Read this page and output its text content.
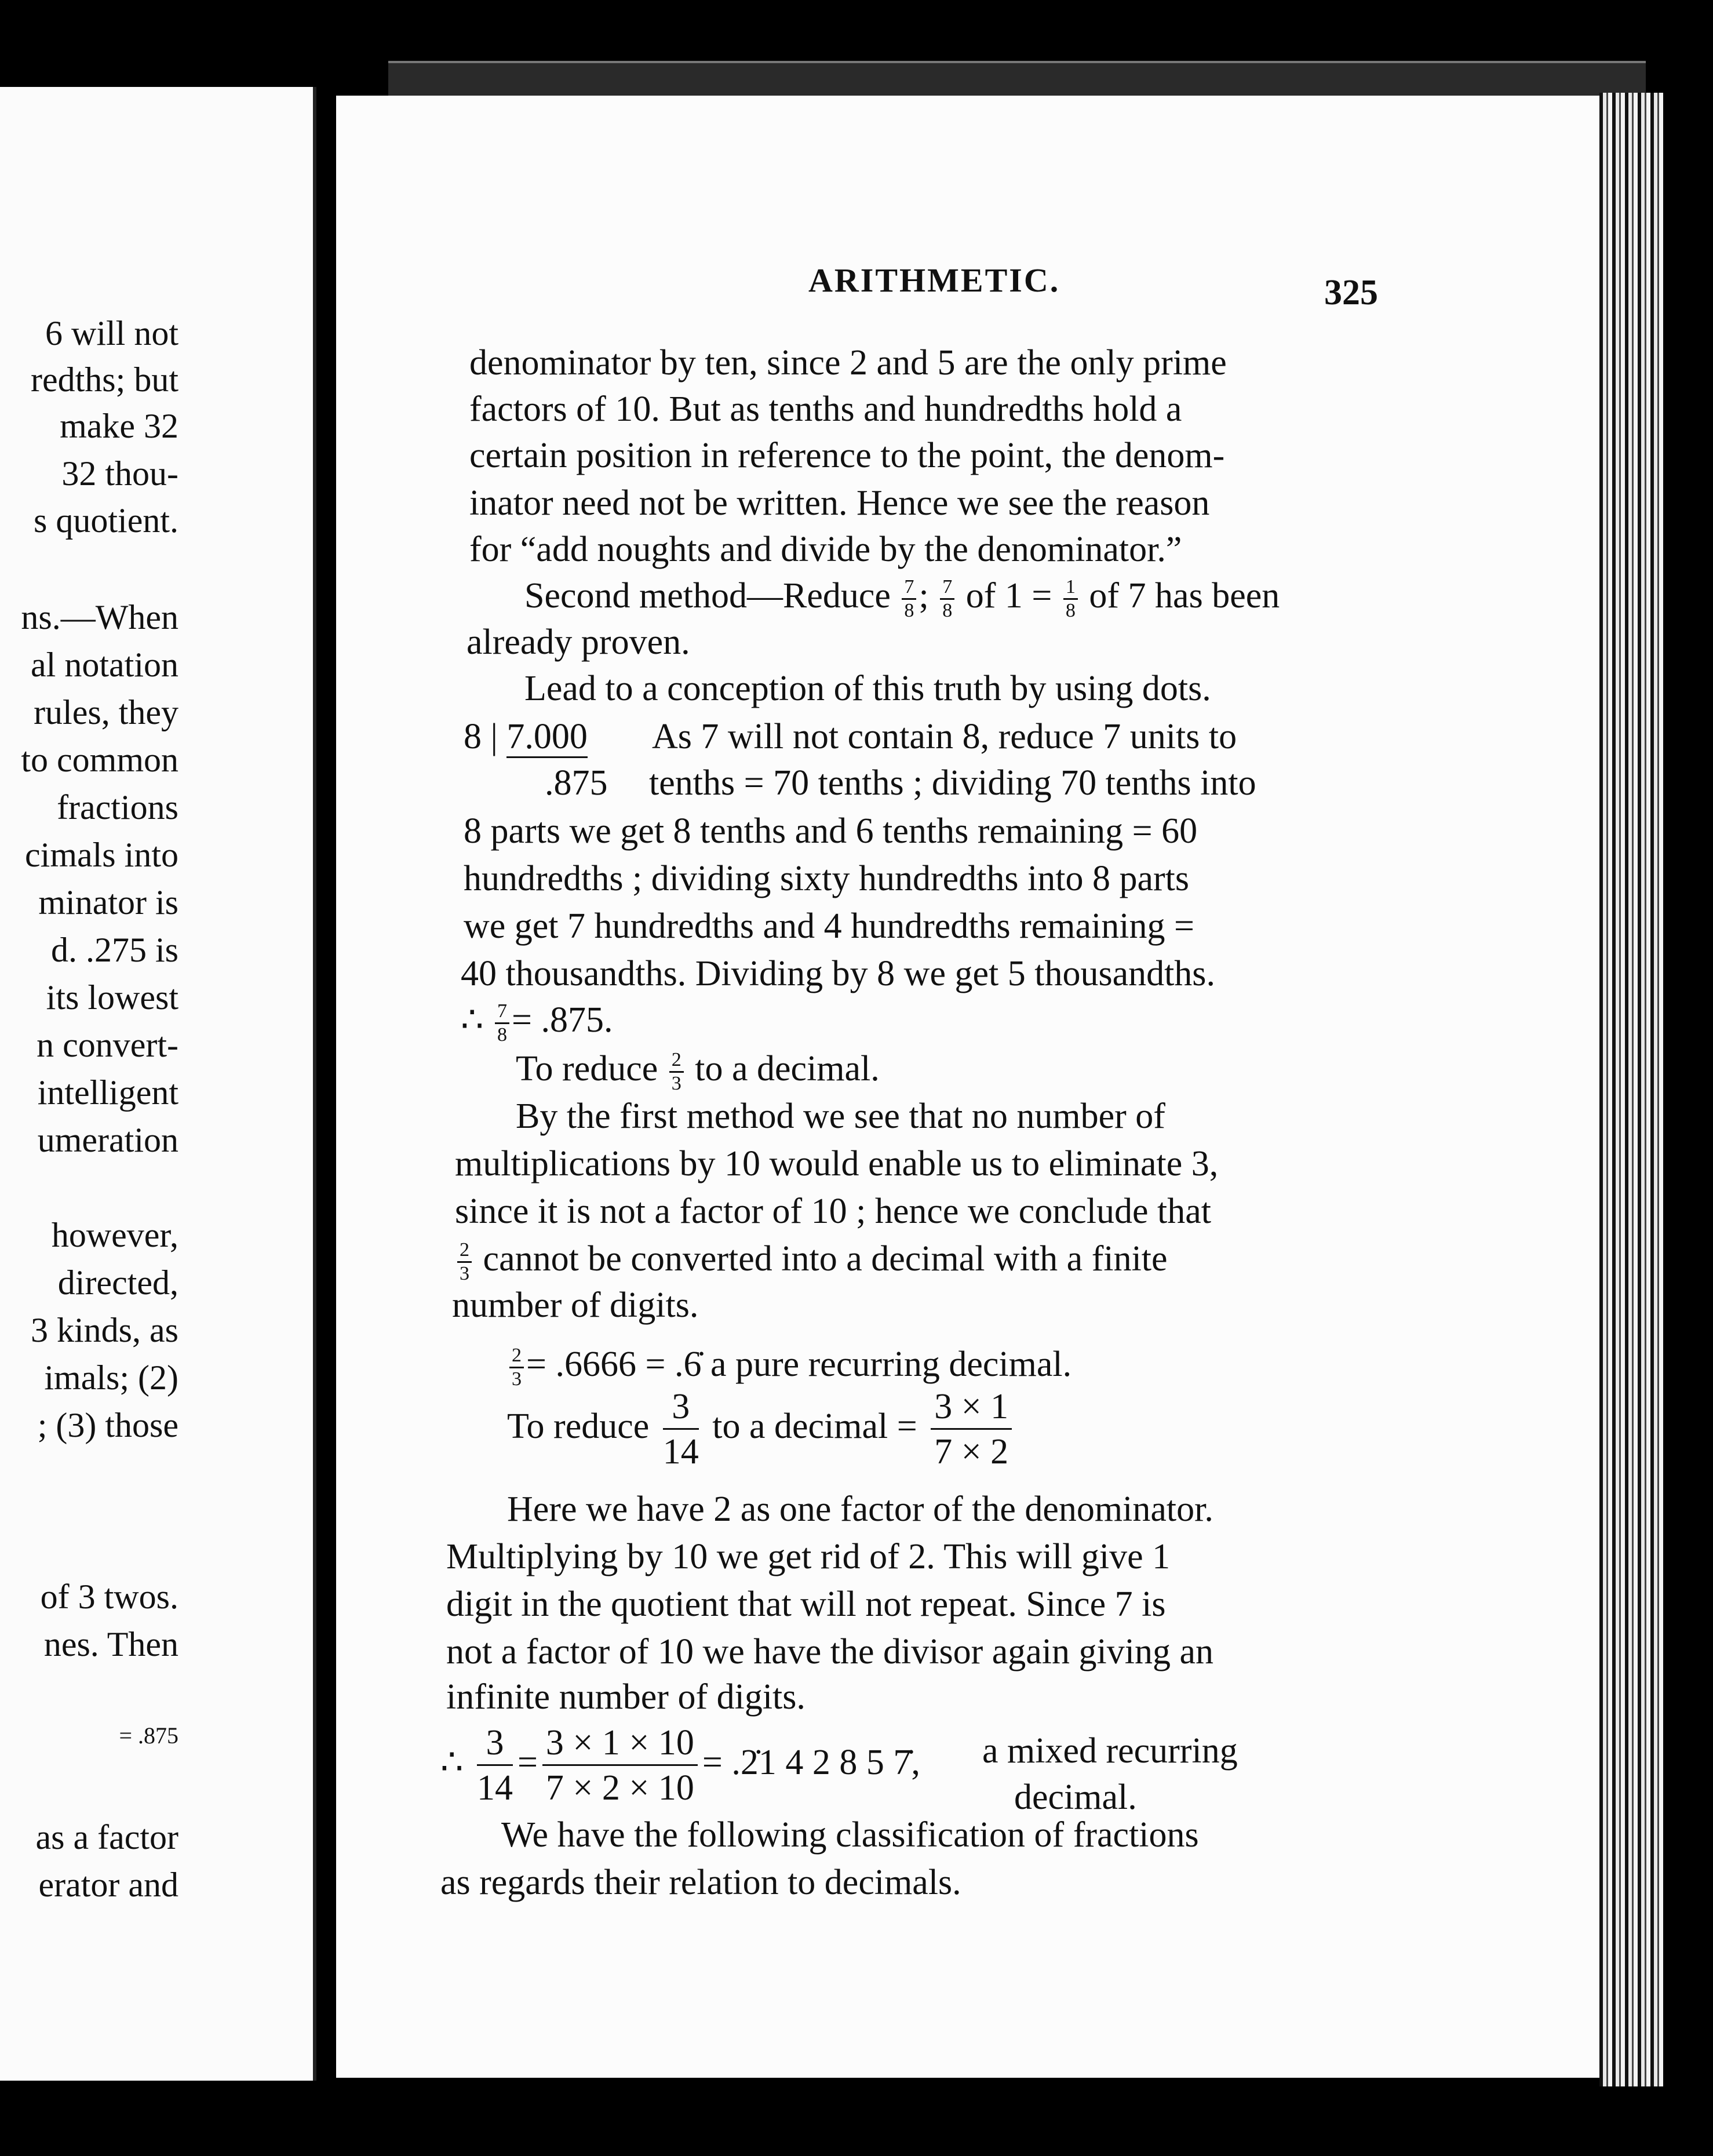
6 will not
redths; but
make 32
32 thou-
s quotient.
ns.—When
al notation
rules, they
to common
fractions
cimals into
minator is
d. .275 is
its lowest
n convert-
intelligent
umeration
however,
directed,
3 kinds, as
imals; (2)
; (3) those
of 3 twos.
nes. Then
= .875
as a factor
erator and
ARITHMETIC.	325
denominator by ten, since 2 and 5 are the only prime
factors of 10. But as tenths and hundredths hold a
certain position in reference to the point, the denom-
inator need not be written. Hence we see the reason
for “add noughts and divide by the denominator.”
Second method—Reduce $\frac{7}{8}$ ; $\frac{7}{8}$ of $1 = \frac{1}{8}$ of 7 has been
already proven.
Lead to a conception of this truth by using dots.
8 | 7.000
.875
As 7 will not contain 8, reduce 7 units to
tenths = 70 tenths ; dividing 70 tenths into
8 parts we get 8 tenths and 6 tenths remaining = 60
hundredths ; dividing sixty hundredths into 8 parts
we get 7 hundredths and 4 hundredths remaining =
40 thousandths. Dividing by 8 we get 5 thousandths.
∴ $\frac{7}{8} = .875$.
To reduce $\frac{2}{3}$ to a decimal.
By the first method we see that no number of
multiplications by 10 would enable us to eliminate 3,
since it is not a factor of 10 ; hence we conclude that
$\frac{2}{3}$ cannot be converted into a decimal with a finite
number of digits.
$\frac{2}{3} = .6666$ = .6̇ a pure recurring decimal.
To reduce $\frac{3}{14}$ to a decimal = $\frac{3 \times 1}{7 \times 2}$
Here we have 2 as one factor of the denominator.
Multiplying by 10 we get rid of 2. This will give 1
digit in the quotient that will not repeat. Since 7 is
not a factor of 10 we have the divisor again giving an
infinite number of digits.
∴ $\frac{3}{14} = \frac{3 \times 1 \times 10}{7 \times 2 \times 10}$ = .2̇1 4 2 8 5 7̇, a mixed recurring
decimal.
We have the following classification of fractions
as regards their relation to decimals.
